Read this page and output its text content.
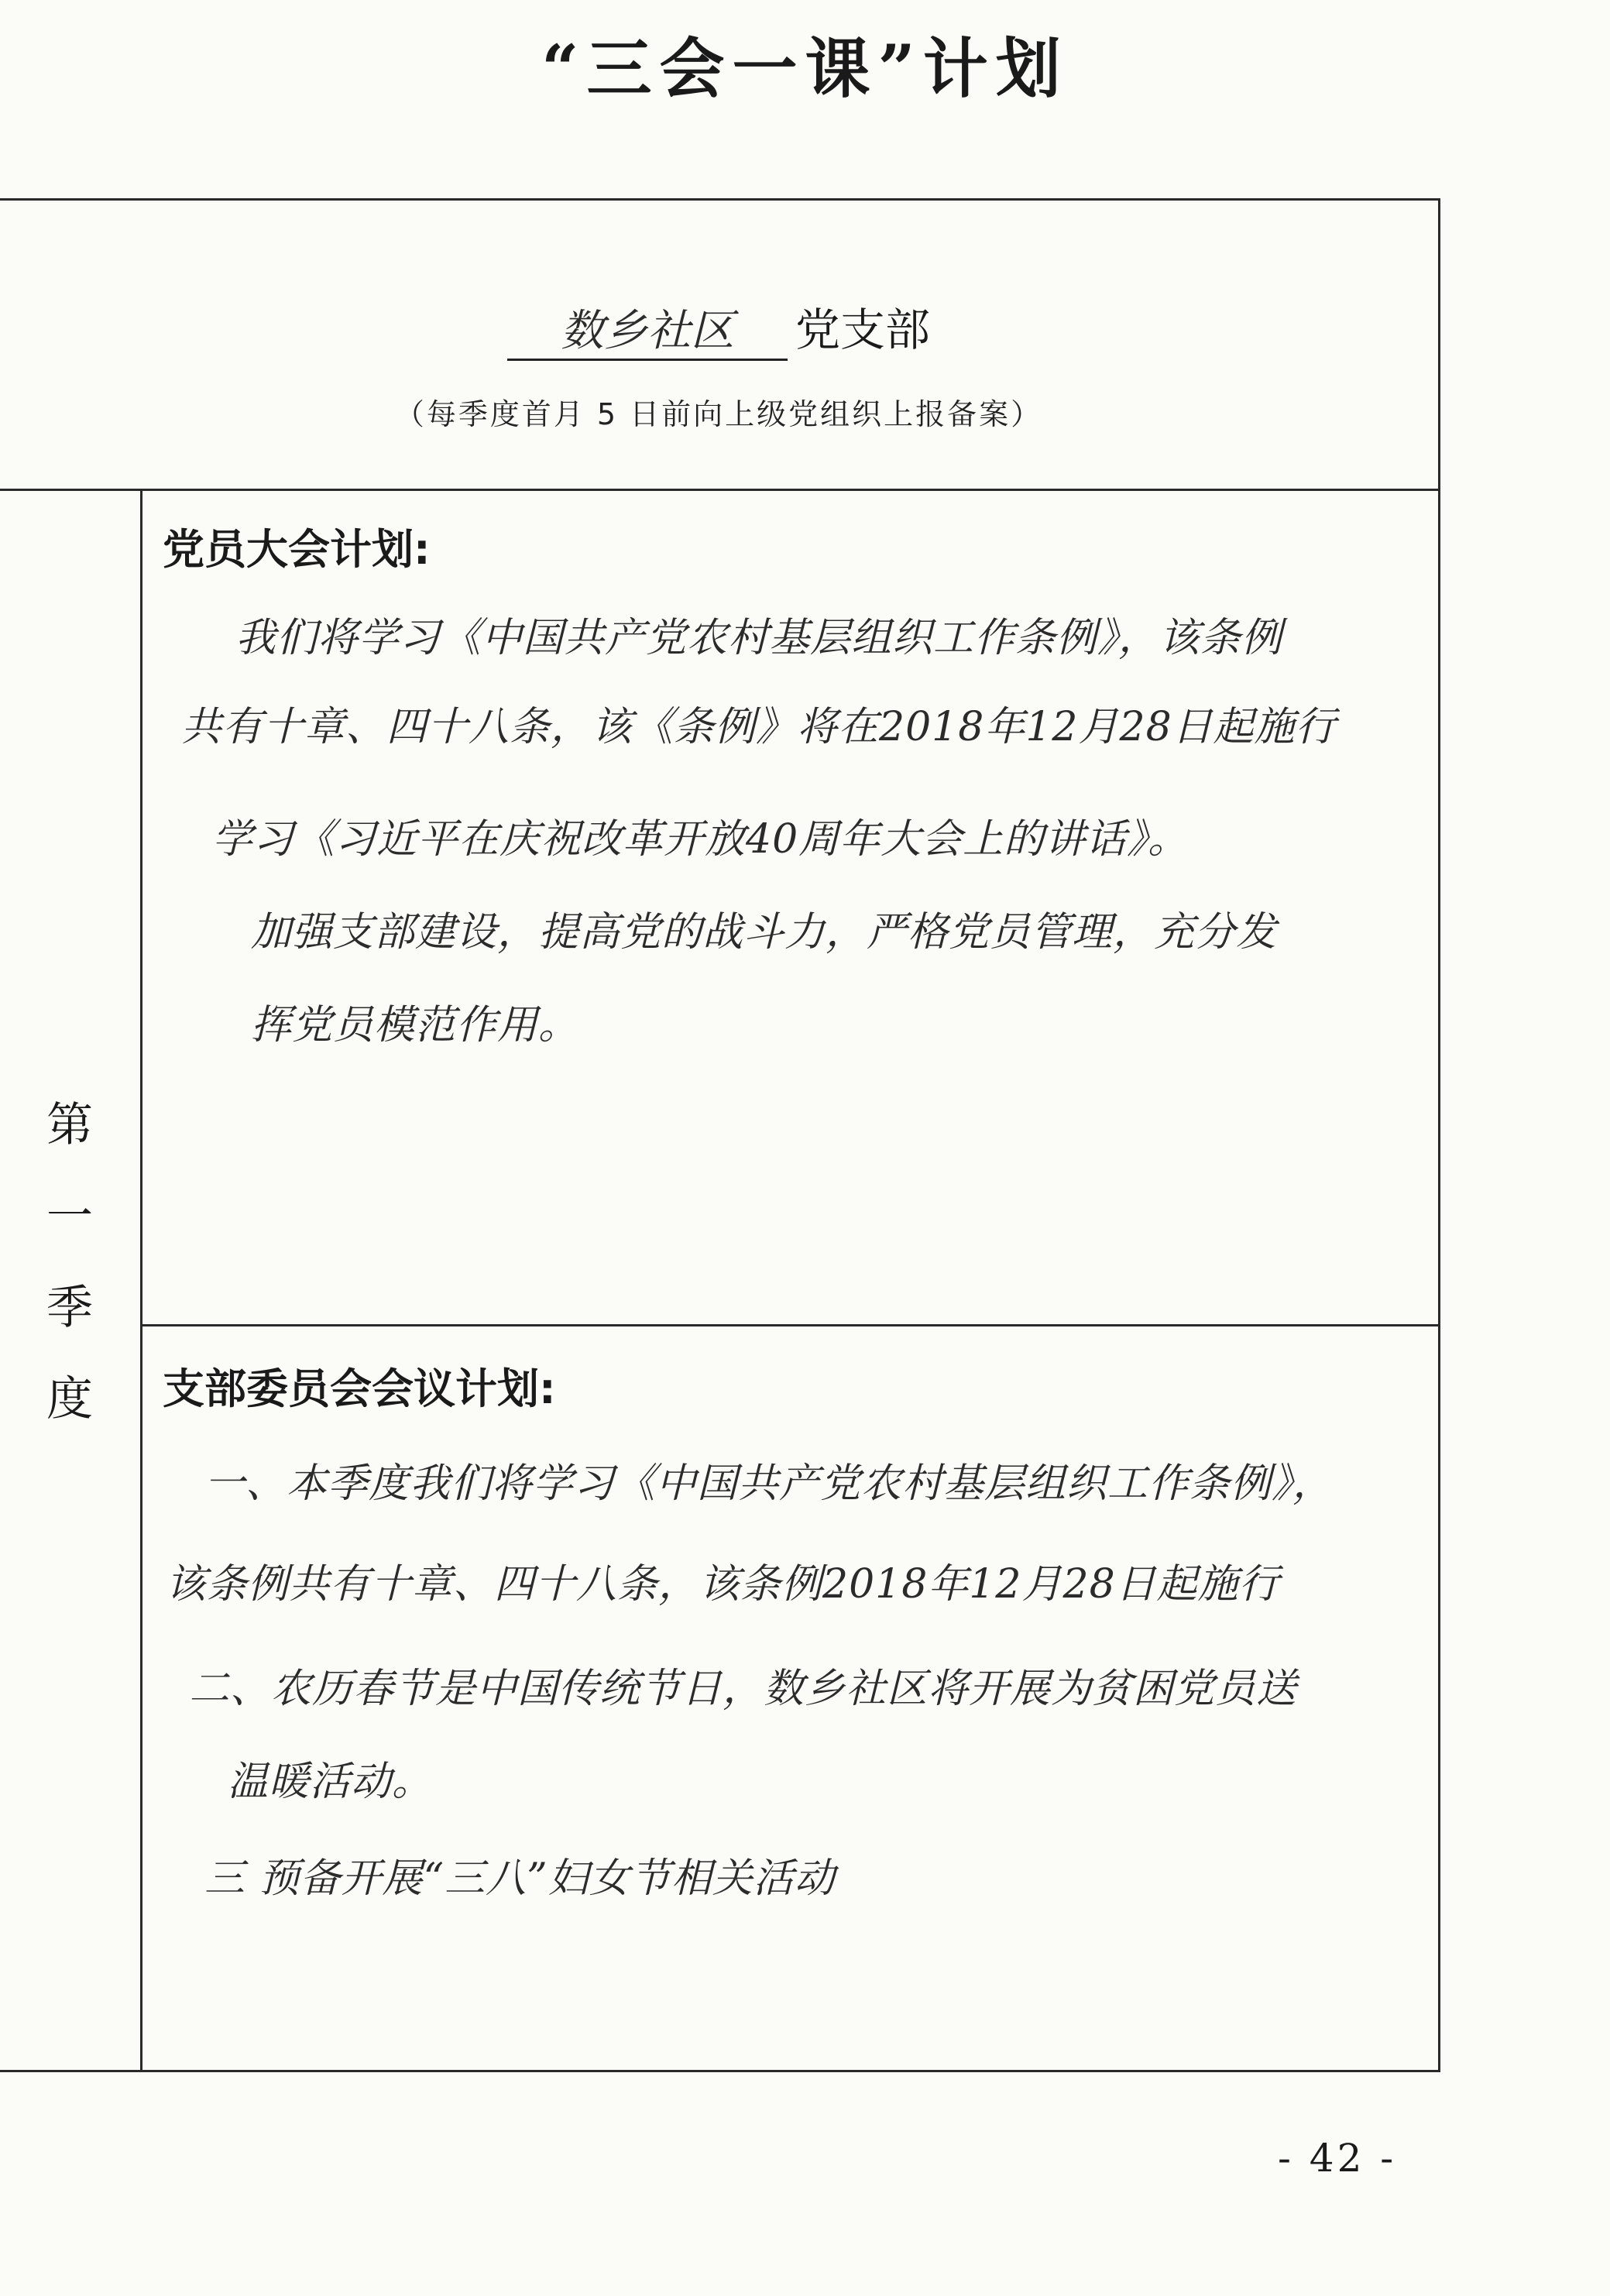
“三会一课”计划
数乡社区 党支部
（每季度首月 5 日前向上级党组织上报备案）
第
一
季
度
党员大会计划:
我们将学习《中国共产党农村基层组织工作条例》，该条例
共有十章、四十八条，该《条例》将在2018年12月28日起施行
学习《习近平在庆祝改革开放40周年大会上的讲话》。
加强支部建设，提高党的战斗力，严格党员管理，充分发
挥党员模范作用。
支部委员会会议计划:
一、本季度我们将学习《中国共产党农村基层组织工作条例》，
该条例共有十章、四十八条，该条例2018年12月28日起施行
二、农历春节是中国传统节日，数乡社区将开展为贫困党员送
温暖活动。
三 预备开展“三八”妇女节相关活动
- 42 -
